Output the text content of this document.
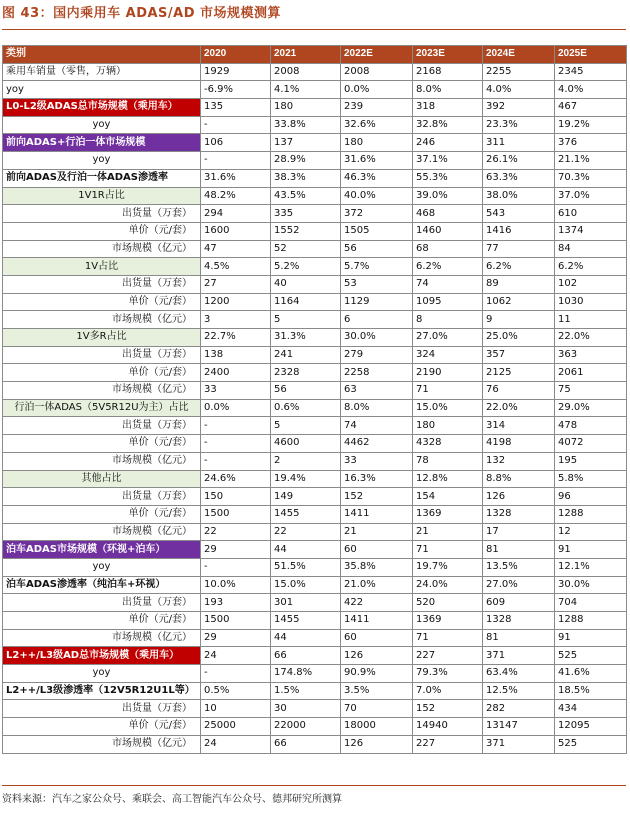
图 43：国内乘用车 ADAS/AD 市场规模测算
类别	2020	2021	2022E	2023E	2024E	2025E
乘用车销量（零售，万辆）	1929	2008	2008	2168	2255	2345
yoy	-6.9%	4.1%	0.0%	8.0%	4.0%	4.0%
L0-L2级ADAS总市场规模（乘用车）	135	180	239	318	392	467
yoy	-	33.8%	32.6%	32.8%	23.3%	19.2%
前向ADAS+行泊一体市场规模	106	137	180	246	311	376
yoy	-	28.9%	31.6%	37.1%	26.1%	21.1%
前向ADAS及行泊一体ADAS渗透率	31.6%	38.3%	46.3%	55.3%	63.3%	70.3%
1V1R占比	48.2%	43.5%	40.0%	39.0%	38.0%	37.0%
出货量（万套）	294	335	372	468	543	610
单价（元/套）	1600	1552	1505	1460	1416	1374
市场规模（亿元）	47	52	56	68	77	84
1V占比	4.5%	5.2%	5.7%	6.2%	6.2%	6.2%
出货量（万套）	27	40	53	74	89	102
单价（元/套）	1200	1164	1129	1095	1062	1030
市场规模（亿元）	3	5	6	8	9	11
1V多R占比	22.7%	31.3%	30.0%	27.0%	25.0%	22.0%
出货量（万套）	138	241	279	324	357	363
单价（元/套）	2400	2328	2258	2190	2125	2061
市场规模（亿元）	33	56	63	71	76	75
行泊一体ADAS（5V5R12U为主）占比	0.0%	0.6%	8.0%	15.0%	22.0%	29.0%
出货量（万套）	-	5	74	180	314	478
单价（元/套）	-	4600	4462	4328	4198	4072
市场规模（亿元）	-	2	33	78	132	195
其他占比	24.6%	19.4%	16.3%	12.8%	8.8%	5.8%
出货量（万套）	150	149	152	154	126	96
单价（元/套）	1500	1455	1411	1369	1328	1288
市场规模（亿元）	22	22	21	21	17	12
泊车ADAS市场规模（环视+泊车）	29	44	60	71	81	91
yoy	-	51.5%	35.8%	19.7%	13.5%	12.1%
泊车ADAS渗透率（纯泊车+环视）	10.0%	15.0%	21.0%	24.0%	27.0%	30.0%
出货量（万套）	193	301	422	520	609	704
单价（元/套）	1500	1455	1411	1369	1328	1288
市场规模（亿元）	29	44	60	71	81	91
L2++/L3级AD总市场规模（乘用车）	24	66	126	227	371	525
yoy	-	174.8%	90.9%	79.3%	63.4%	41.6%
L2++/L3级渗透率（12V5R12U1L等）	0.5%	1.5%	3.5%	7.0%	12.5%	18.5%
出货量（万套）	10	30	70	152	282	434
单价（元/套）	25000	22000	18000	14940	13147	12095
市场规模（亿元）	24	66	126	227	371	525
资料来源：汽车之家公众号、乘联会、高工智能汽车公众号、德邦研究所测算
